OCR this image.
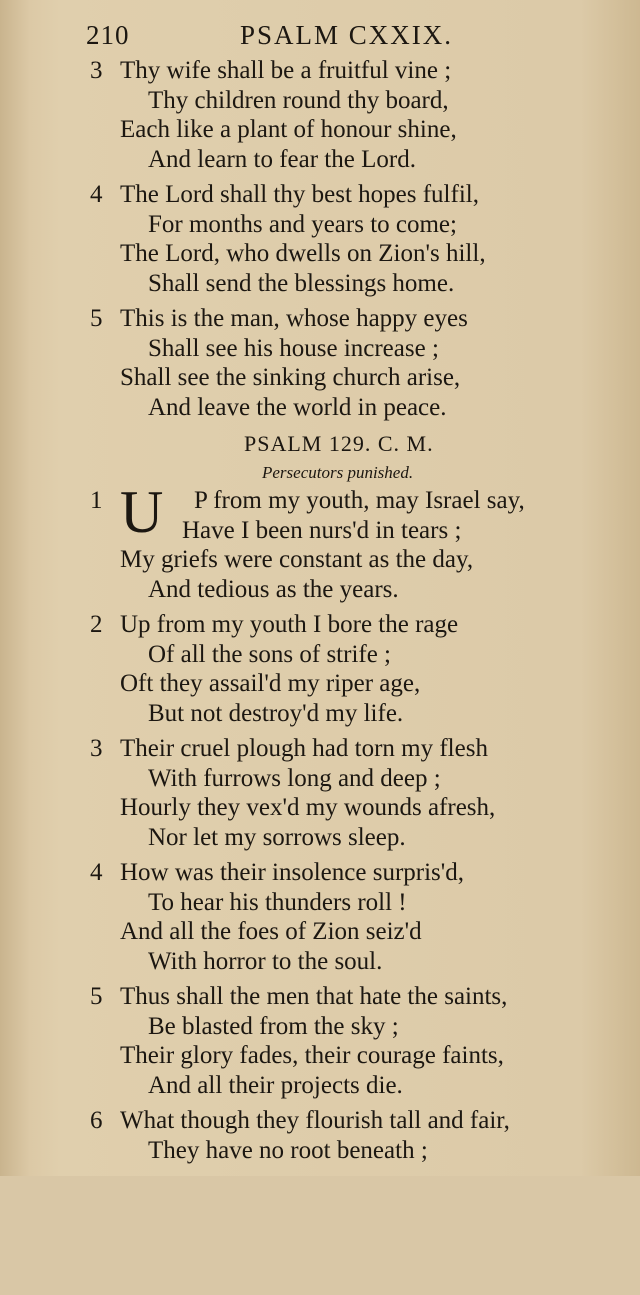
210	PSALM CXXIX.
3 Thy wife shall be a fruitful vine ;
Thy children round thy board,
Each like a plant of honour shine,
And learn to fear the Lord.
4 The Lord shall thy best hopes fulfil,
For months and years to come;
The Lord, who dwells on Zion's hill,
Shall send the blessings home.
5 This is the man, whose happy eyes
Shall see his house increase ;
Shall see the sinking church arise,
And leave the world in peace.
PSALM 129. C. M.
Persecutors punished.
1 U P from my youth, may Israel say,
Have I been nurs'd in tears ;
My griefs were constant as the day,
And tedious as the years.
2 Up from my youth I bore the rage
Of all the sons of strife ;
Oft they assail'd my riper age,
But not destroy'd my life.
3 Their cruel plough had torn my flesh
With furrows long and deep ;
Hourly they vex'd my wounds afresh,
Nor let my sorrows sleep.
4 How was their insolence surpris'd,
To hear his thunders roll !
And all the foes of Zion seiz'd
With horror to the soul.
5 Thus shall the men that hate the saints,
Be blasted from the sky ;
Their glory fades, their courage faints,
And all their projects die.
6 What though they flourish tall and fair,
They have no root beneath ;
